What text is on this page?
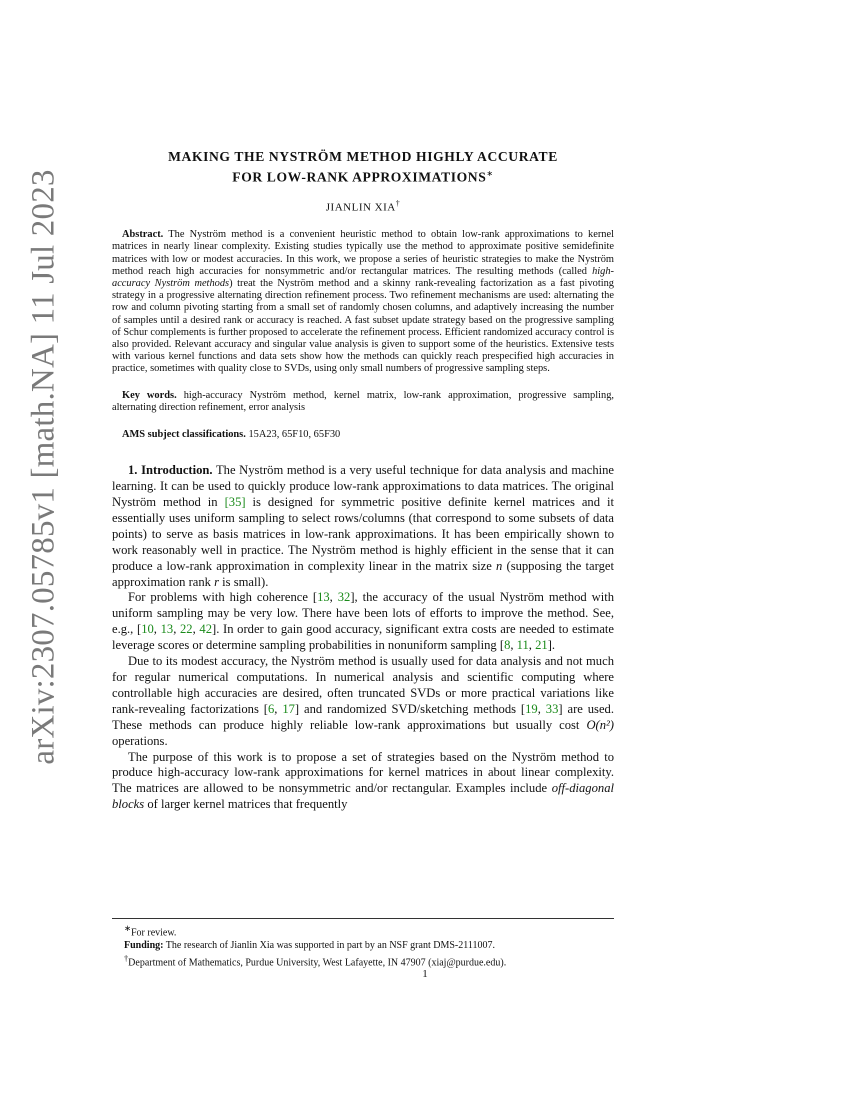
arXiv:2307.05785v1 [math.NA] 11 Jul 2023
MAKING THE NYSTRÖM METHOD HIGHLY ACCURATE
FOR LOW-RANK APPROXIMATIONS∗
JIANLIN XIA†

Abstract. The Nyström method is a convenient heuristic method to obtain low-rank approximations to kernel matrices in nearly linear complexity. Existing studies typically use the method to approximate positive semidefinite matrices with low or modest accuracies. In this work, we propose a series of heuristic strategies to make the Nyström method reach high accuracies for nonsymmetric and/or rectangular matrices. The resulting methods (called high-accuracy Nyström methods) treat the Nyström method and a skinny rank-revealing factorization as a fast pivoting strategy in a progressive alternating direction refinement process. Two refinement mechanisms are used: alternating the row and column pivoting starting from a small set of randomly chosen columns, and adaptively increasing the number of samples until a desired rank or accuracy is reached. A fast subset update strategy based on the progressive sampling of Schur complements is further proposed to accelerate the refinement process. Efficient randomized accuracy control is also provided. Relevant accuracy and singular value analysis is given to support some of the heuristics. Extensive tests with various kernel functions and data sets show how the methods can quickly reach prespecified high accuracies in practice, sometimes with quality close to SVDs, using only small numbers of progressive sampling steps.

Key words. high-accuracy Nyström method, kernel matrix, low-rank approximation, progressive sampling, alternating direction refinement, error analysis

AMS subject classifications. 15A23, 65F10, 65F30

1. Introduction. The Nyström method is a very useful technique for data analysis and machine learning. It can be used to quickly produce low-rank approximations to data matrices. The original Nyström method in [35] is designed for symmetric positive definite kernel matrices and it essentially uses uniform sampling to select rows/columns (that correspond to some subsets of data points) to serve as basis matrices in low-rank approximations. It has been empirically shown to work reasonably well in practice. The Nyström method is highly efficient in the sense that it can produce a low-rank approximation in complexity linear in the matrix size n (supposing the target approximation rank r is small).

For problems with high coherence [13, 32], the accuracy of the usual Nyström method with uniform sampling may be very low. There have been lots of efforts to improve the method. See, e.g., [10, 13, 22, 42]. In order to gain good accuracy, significant extra costs are needed to estimate leverage scores or determine sampling probabilities in nonuniform sampling [8, 11, 21].

Due to its modest accuracy, the Nyström method is usually used for data analysis and not much for regular numerical computations. In numerical analysis and scientific computing where controllable high accuracies are desired, often truncated SVDs or more practical variations like rank-revealing factorizations [6, 17] and randomized SVD/sketching methods [19, 33] are used. These methods can produce highly reliable low-rank approximations but usually cost O(n²) operations.

The purpose of this work is to propose a set of strategies based on the Nyström method to produce high-accuracy low-rank approximations for kernel matrices in about linear complexity. The matrices are allowed to be nonsymmetric and/or rectangular. Examples include off-diagonal blocks of larger kernel matrices that frequently

∗For review.

Funding: The research of Jianlin Xia was supported in part by an NSF grant DMS-2111007.

†Department of Mathematics, Purdue University, West Lafayette, IN 47907 (xiaj@purdue.edu).

1
